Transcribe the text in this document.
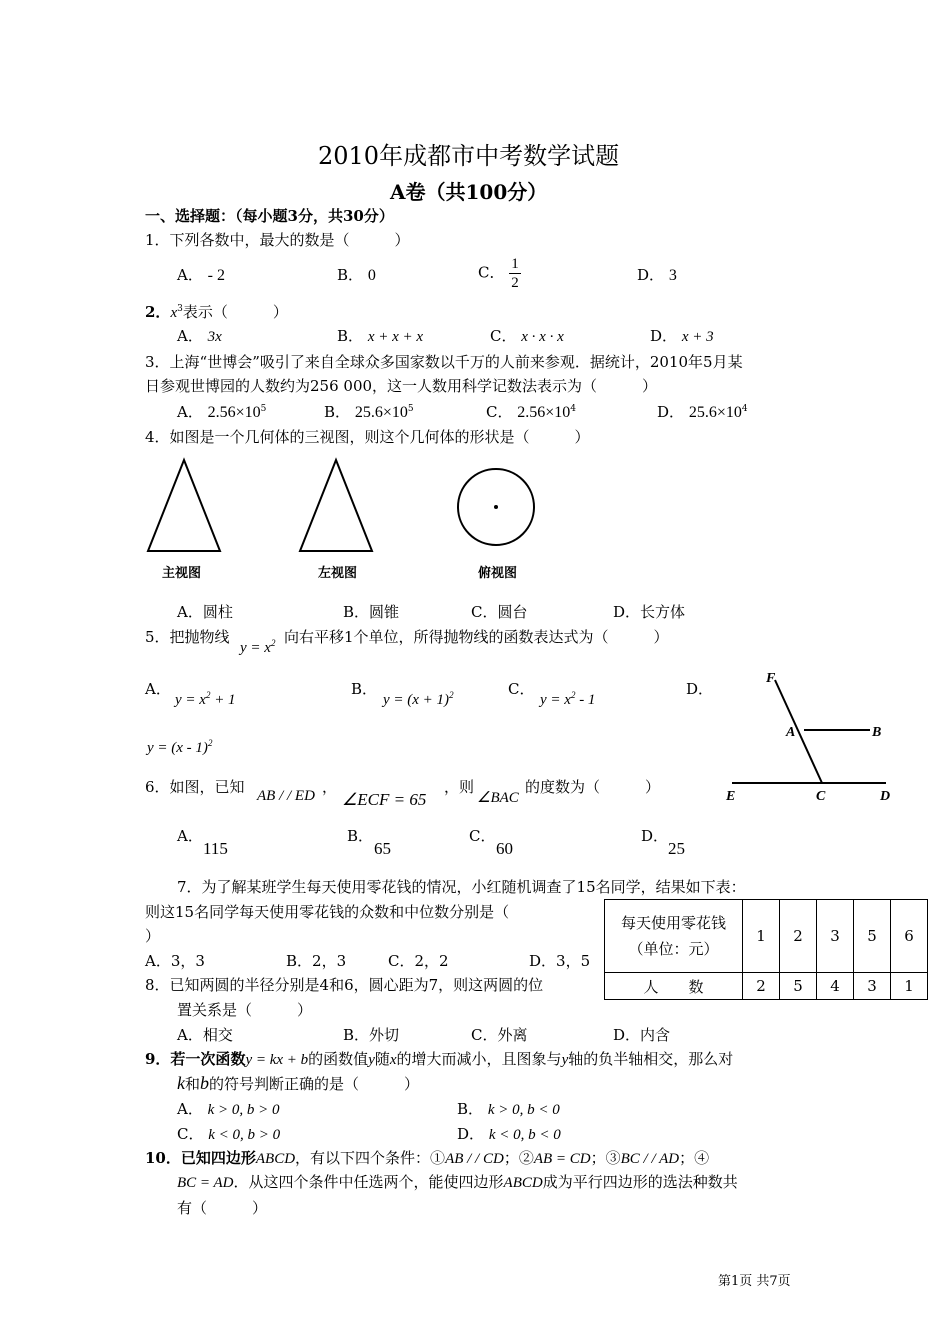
2010年成都市中考数学试题
A卷（共100分）
一、选择题：（每小题3分，共30分）
1．下列各数中，最大的数是（　　　）
A． - 2	B． 0	C． $\frac{1}{2}$	D． 3
2．$x^3$表示（　　　）
A． 3x	B． x + x + x	C． x · x · x	D． x + 3
3．上海“世博会”吸引了来自全球众多国家数以千万的人前来参观．据统计，2010年5月某
日参观世博园的人数约为256 000，这一人数用科学记数法表示为（　　　）
A． $2.56\times 10^5$	B． $25.6\times 10^5$	C． $2.56\times 10^4$	D． $25.6\times 10^4$
4．如图是一个几何体的三视图，则这个几何体的形状是（　　　）
主视图	左视图	俯视图
A．圆柱	B．圆锥	C．圆台	D．长方体
5．把抛物线
$y = x^2$ 向右平移1个单位，所得抛物线的函数表达式为（　　　）
A．
$y = x^2 + 1$
B．
$y = (x + 1)^2$	C．
$y = x^2 - 1$
D．
y = (x - 1)$^2$
F
A	B
E	C	D
6．如图，已知 AB / / ED ，
∠ECF = 65
，则
∠BAC
的度数为（　　　）
A．
115
B．
65
C．
60
D．
25
7．为了解某班学生每天使用零花钱的情况，小红随机调查了15名同学，结果如下表：
则这15名同学每天使用零花钱的众数和中位数分别是（
）
A．3，3	B．2，3	C．2，2	D．3，5
每天使用零花钱
（单位：元）	1	2	3	5	6
人　　数	2	5	4	3	1
8．已知两圆的半径分别是4和6，圆心距为7，则这两圆的位
置关系是（　　　）
A．相交	B．外切	C．外离	D．内含
9．若一次函数y = kx + b的函数值y随x的增大而减小，且图象与y轴的负半轴相交，那么对
k和b的符号判断正确的是（　　　）
A． k > 0, b > 0	B． k > 0, b < 0
C． k < 0, b > 0	D． k < 0, b < 0
10．已知四边形ABCD，有以下四个条件：①AB / / CD；②AB = CD；③BC / / AD；④
BC = AD．从这四个条件中任选两个，能使四边形ABCD成为平行四边形的选法种数共
有（　　　）
第1页 共7页
